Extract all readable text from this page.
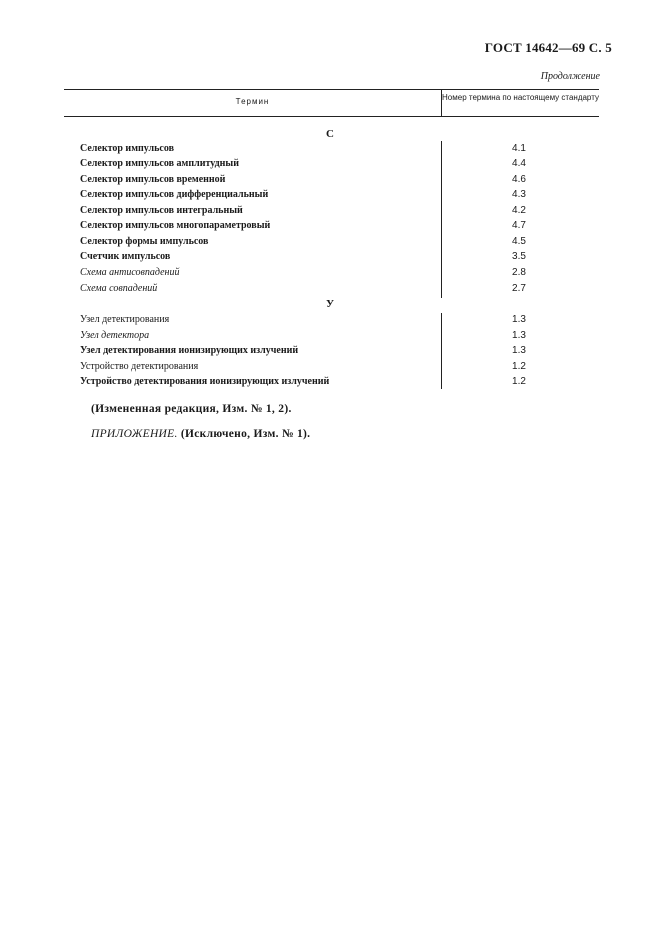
ГОСТ 14642—69 С. 5
Продолжение
Термин	Номер термина по настоящему стандарту
С
Селектор импульсов	4.1
Селектор импульсов амплитудный	4.4
Селектор импульсов временной	4.6
Селектор импульсов дифференциальный	4.3
Селектор импульсов интегральный	4.2
Селектор импульсов многопараметровый	4.7
Селектор формы импульсов	4.5
Счетчик импульсов	3.5
Схема антисовпадений	2.8
Схема совпадений	2.7
У
Узел детектирования	1.3
Узел детектора	1.3
Узел детектирования ионизирующих излучений	1.3
Устройство детектирования	1.2
Устройство детектирования ионизирующих излучений	1.2
(Измененная редакция, Изм. № 1, 2).
ПРИЛОЖЕНИЕ. (Исключено, Изм. № 1).
